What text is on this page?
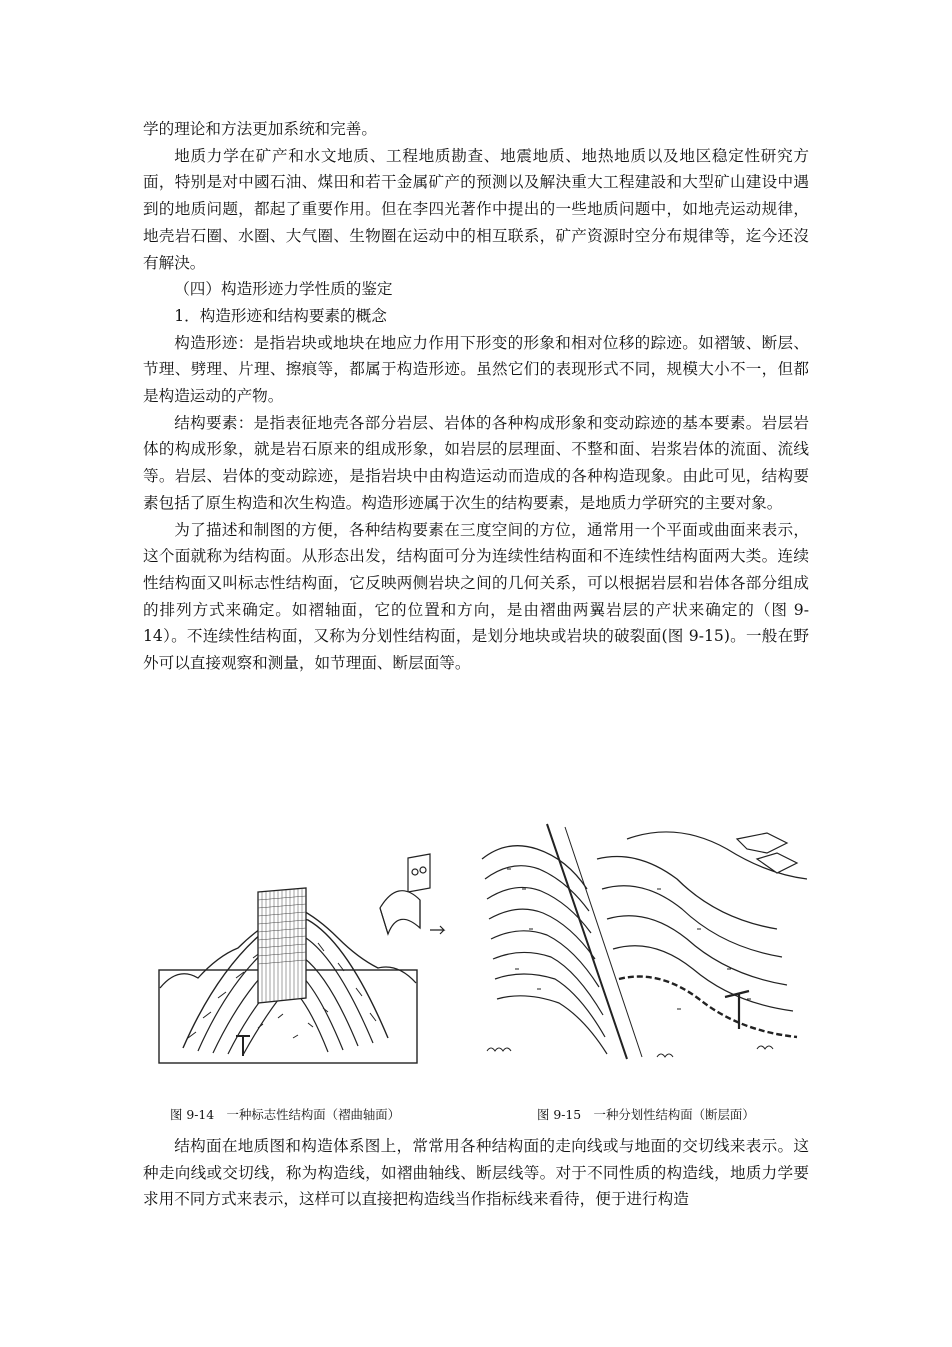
学的理论和方法更加系统和完善。

地质力学在矿产和水文地质、工程地质勘查、地震地质、地热地质以及地区稳定性研究方面，特别是对中國石油、煤田和若干金属矿产的预测以及解決重大工程建設和大型矿山建设中遇到的地质问题，都起了重要作用。但在李四光著作中提出的一些地质问题中，如地壳运动规律，地壳岩石圈、水圈、大气圈、生物圈在运动中的相互联系，矿产资源时空分布規律等，迄今还沒有解決。

（四）构造形迹力学性质的鉴定

1．构造形迹和结构要素的概念

构造形迹：是指岩块或地块在地应力作用下形变的形象和相对位移的踪迹。如褶皱、断层、节理、劈理、片理、擦痕等，都属于构造形迹。虽然它们的表现形式不同，规模大小不一，但都是构造运动的产物。

结构要素：是指表征地壳各部分岩层、岩体的各种构成形象和变动踪迹的基本要素。岩层岩体的构成形象，就是岩石原来的组成形象，如岩层的层理面、不整和面、岩浆岩体的流面、流线等。岩层、岩体的变动踪迹，是指岩块中由构造运动而造成的各种构造现象。由此可见，结构要素包括了原生构造和次生构造。构造形迹属于次生的结构要素，是地质力学研究的主要对象。

为了描述和制图的方便，各种结构要素在三度空间的方位，通常用一个平面或曲面来表示，这个面就称为结构面。从形态出发，结构面可分为连续性结构面和不连续性结构面两大类。连续性结构面又叫标志性结构面，它反映两侧岩块之间的几何关系，可以根据岩层和岩体各部分组成的排列方式来确定。如褶轴面，它的位置和方向，是由褶曲两翼岩层的产状来确定的（图 9-14）。不连续性结构面，又称为分划性结构面，是划分地块或岩块的破裂面(图 9-15)。一般在野外可以直接观察和测量，如节理面、断层面等。

图 9-14　一种标志性结构面（褶曲轴面）	图 9-15　一种分划性结构面（断层面）

结构面在地质图和构造体系图上，常常用各种结构面的走向线或与地面的交切线来表示。这种走向线或交切线，称为构造线，如褶曲轴线、断层线等。对于不同性质的构造线，地质力学要求用不同方式来表示，这样可以直接把构造线当作指标线来看待，便于进行构造
